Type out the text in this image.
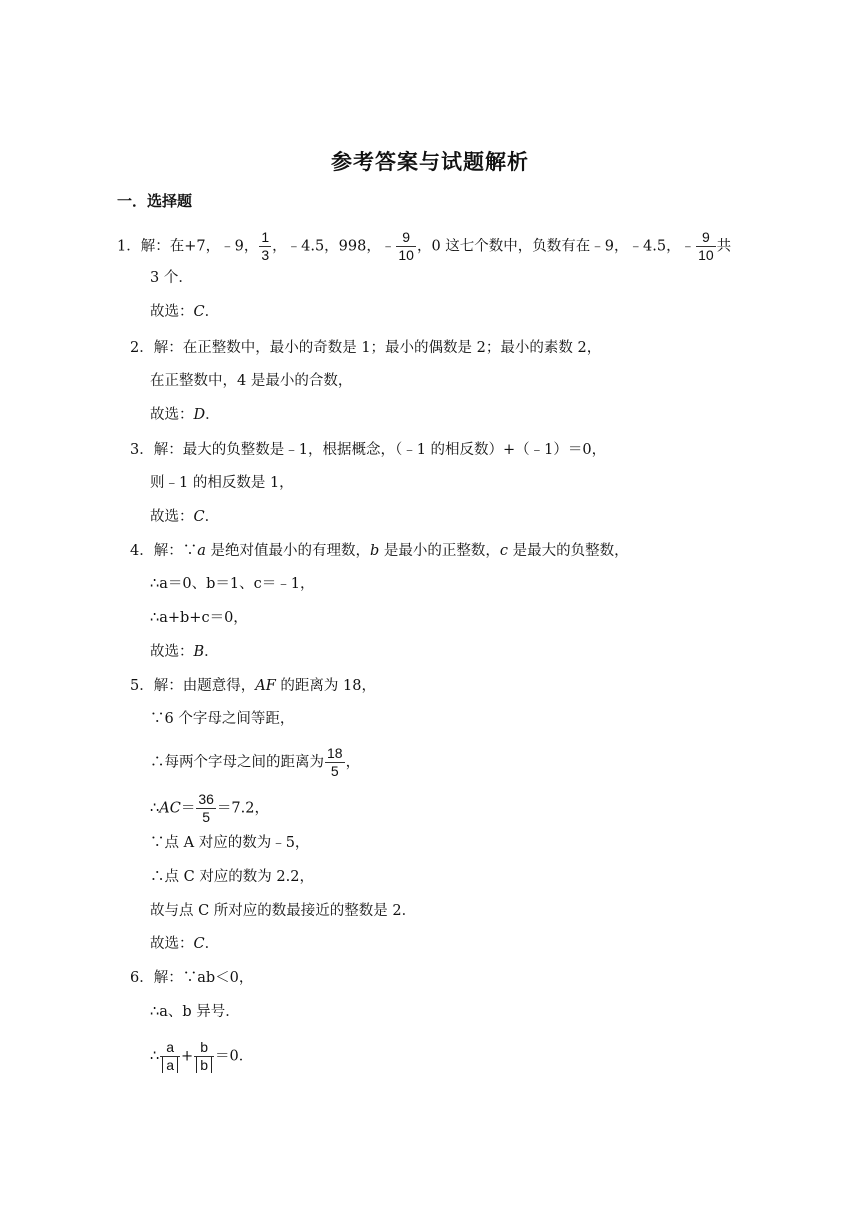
参考答案与试题解析
一．选择题
1．解：在+7，﹣9， $\frac{1}{3}$ ，﹣4.5，998，﹣ $\frac{9}{10}$ ，0 这七个数中，负数有在﹣9，﹣4.5，﹣ $\frac{9}{10}$ 共
3 个．
故选：C．
2．解：在正整数中，最小的奇数是 1；最小的偶数是 2；最小的素数 2，
在正整数中，4 是最小的合数，
故选：D．
3．解：最大的负整数是﹣1，根据概念，（﹣1 的相反数）+（﹣1）＝0，
则﹣1 的相反数是 1，
故选：C．
4．解：∵a 是绝对值最小的有理数，b 是最小的正整数，c 是最大的负整数，
∴a＝0、b＝1、c＝﹣1，
∴a+b+c＝0，
故选：B．
5．解：由题意得，AF 的距离为 18，
∵6 个字母之间等距，
∴每两个字母之间的距离为 $\frac{18}{5}$ ，
∴AC＝ $\frac{36}{5} =7.2$，
∵点 A 对应的数为﹣5，
∴点 C 对应的数为 2.2，
故与点 C 所对应的数最接近的整数是 2．
故选：C．
6．解：∵ab＜0，
∴a、b 异号．
∴ $\frac{a}{a} + \frac{b}{b} =0$．
